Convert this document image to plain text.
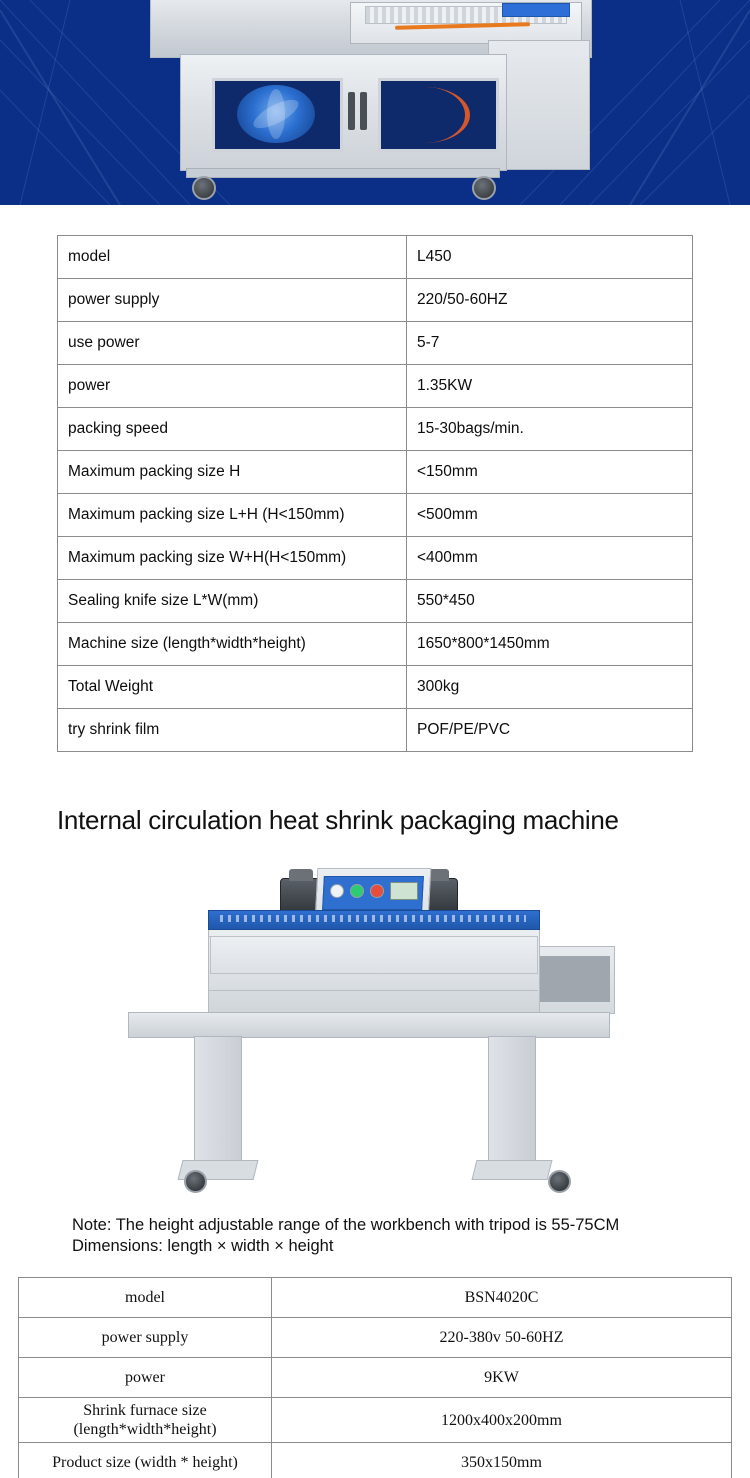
model	L450
power supply	220/50-60HZ
use power	5-7
power	1.35KW
packing speed	15-30bags/min.
Maximum packing size H	<150mm
Maximum packing size L+H (H<150mm)	<500mm
Maximum packing size W+H(H<150mm)	<400mm
Sealing knife size L*W(mm)	550*450
Machine size (length*width*height)	1650*800*1450mm
Total Weight	300kg
try shrink film	POF/PE/PVC
Internal circulation heat shrink packaging machine
Note: The height adjustable range of the workbench with tripod is 55-75CM
Dimensions: length × width × height
model	BSN4020C
power supply	220-380v 50-60HZ
power	9KW
Shrink furnace size
(length*width*height)	1200x400x200mm
Product size (width * height)	350x150mm
